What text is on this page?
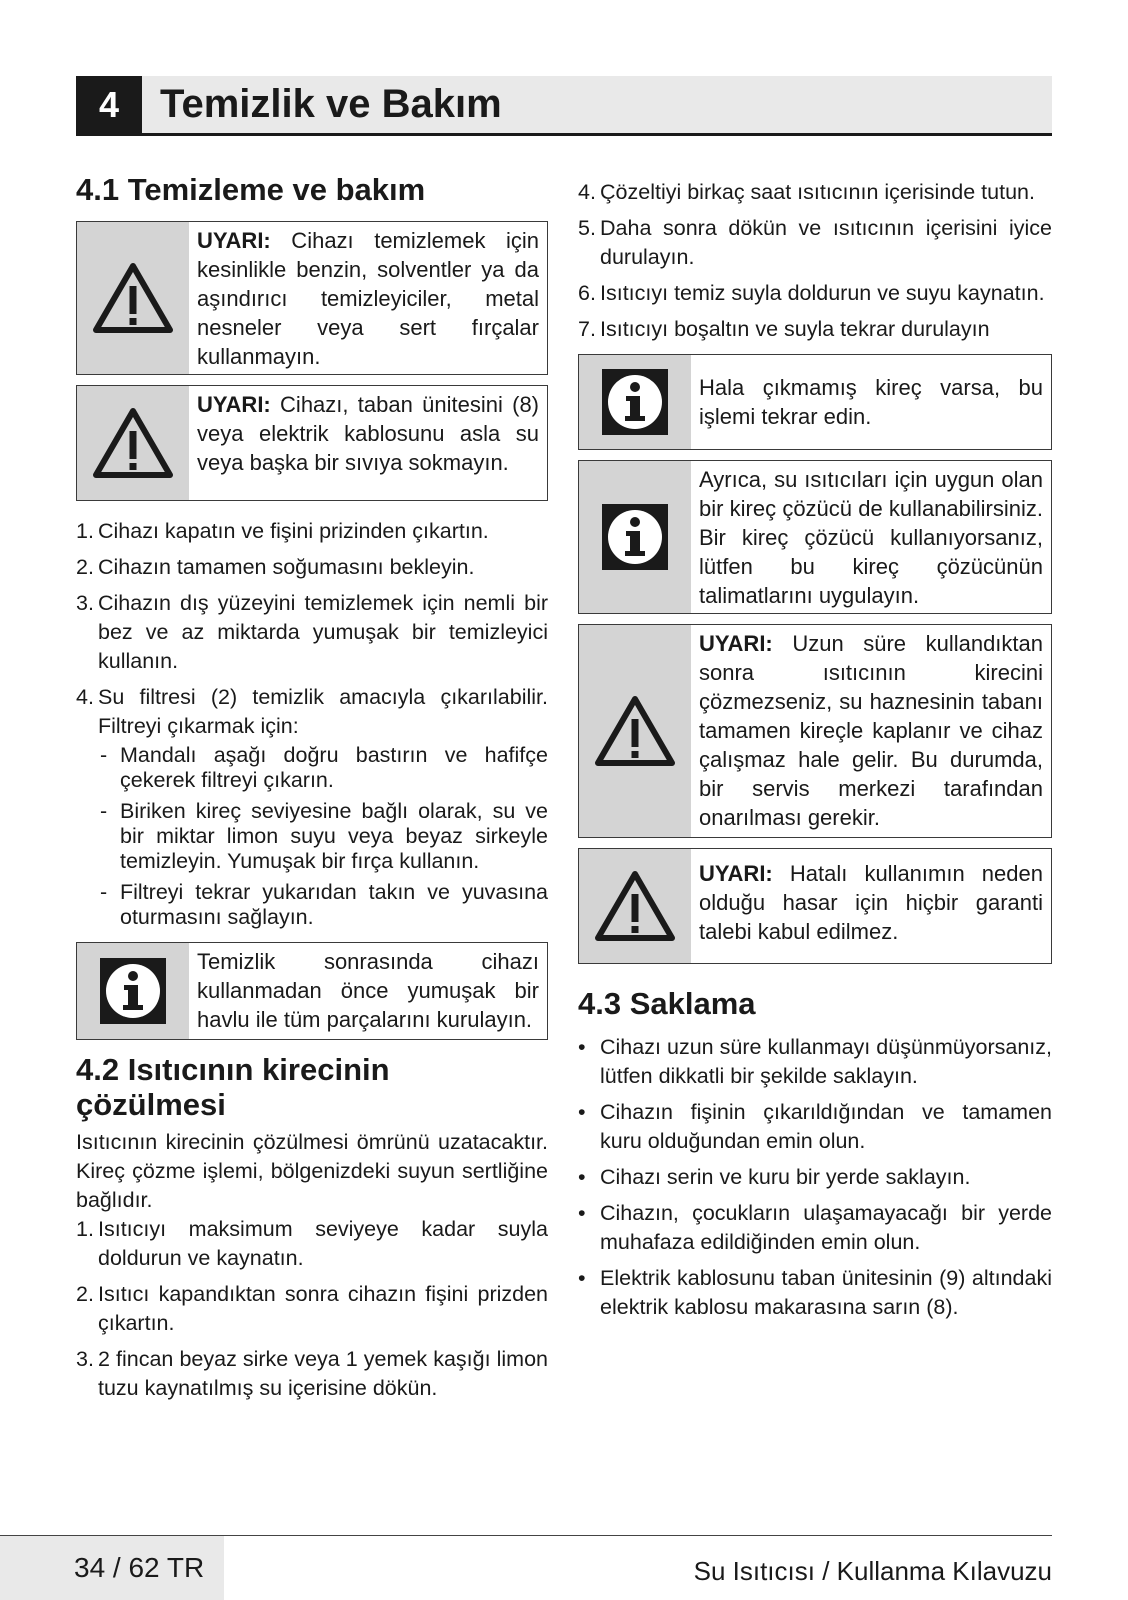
4	Temizlik ve Bakım
4.1 Temizleme ve bakım
UYARI: Cihazı temizlemek için kesinlikle benzin, solventler ya da aşındırıcı temizleyiciler, metal nesneler veya sert fırçalar kullanmayın.
UYARI: Cihazı, taban ünitesini (8) veya elektrik kablosunu asla su veya başka bir sıvıya sokmayın.
1. Cihazı kapatın ve fişini prizinden çıkartın.
2. Cihazın tamamen soğumasını bekleyin.
3. Cihazın dış yüzeyini temizlemek için nemli bir bez ve az miktarda yumuşak bir temizleyici kullanın.
4. Su filtresi (2) temizlik amacıyla çıkarılabilir. Filtreyi çıkarmak için:
- Mandalı aşağı doğru bastırın ve hafifçe çekerek filtreyi çıkarın.
- Biriken kireç seviyesine bağlı olarak, su ve bir miktar limon suyu veya beyaz sirkeyle temizleyin. Yumuşak bir fırça kullanın.
- Filtreyi tekrar yukarıdan takın ve yuvasına oturmasını sağlayın.
Temizlik sonrasında cihazı kullanmadan önce yumuşak bir havlu ile tüm parçalarını kurulayın.
4.2 Isıtıcının kirecinin
çözülmesi

Isıtıcının kirecinin çözülmesi ömrünü uzatacaktır. Kireç çözme işlemi, bölgenizdeki suyun sertliğine bağlıdır.

1. Isıtıcıyı maksimum seviyeye kadar suyla doldurun ve kaynatın.
2. Isıtıcı kapandıktan sonra cihazın fişini prizden çıkartın.
3. 2 fincan beyaz sirke veya 1 yemek kaşığı limon tuzu kaynatılmış su içerisine dökün.
4. Çözeltiyi birkaç saat ısıtıcının içerisinde tutun.
5. Daha sonra dökün ve ısıtıcının içerisini iyice durulayın.
6. Isıtıcıyı temiz suyla doldurun ve suyu kaynatın.
7. Isıtıcıyı boşaltın ve suyla tekrar durulayın
Hala çıkmamış kireç varsa, bu işlemi tekrar edin.
Ayrıca, su ısıtıcıları için uygun olan bir kireç çözücü de kullanabilirsiniz. Bir kireç çözücü kullanıyorsanız, lütfen bu kireç çözücünün talimatlarını uygulayın.
UYARI: Uzun süre kullandıktan sonra ısıtıcının kirecini çözmezseniz, su haznesinin tabanı tamamen kireçle kaplanır ve cihaz çalışmaz hale gelir. Bu durumda, bir servis merkezi tarafından onarılması gerekir.
UYARI: Hatalı kullanımın neden olduğu hasar için hiçbir garanti talebi kabul edilmez.
4.3 Saklama
• Cihazı uzun süre kullanmayı düşünmüyorsanız, lütfen dikkatli bir şekilde saklayın.
• Cihazın fişinin çıkarıldığından ve tamamen kuru olduğundan emin olun.
• Cihazı serin ve kuru bir yerde saklayın.
• Cihazın, çocukların ulaşamayacağı bir yerde muhafaza edildiğinden emin olun.
• Elektrik kablosunu taban ünitesinin (9) altındaki elektrik kablosu makarasına sarın (8).
34 / 62 TR	Su Isıtıcısı / Kullanma Kılavuzu
